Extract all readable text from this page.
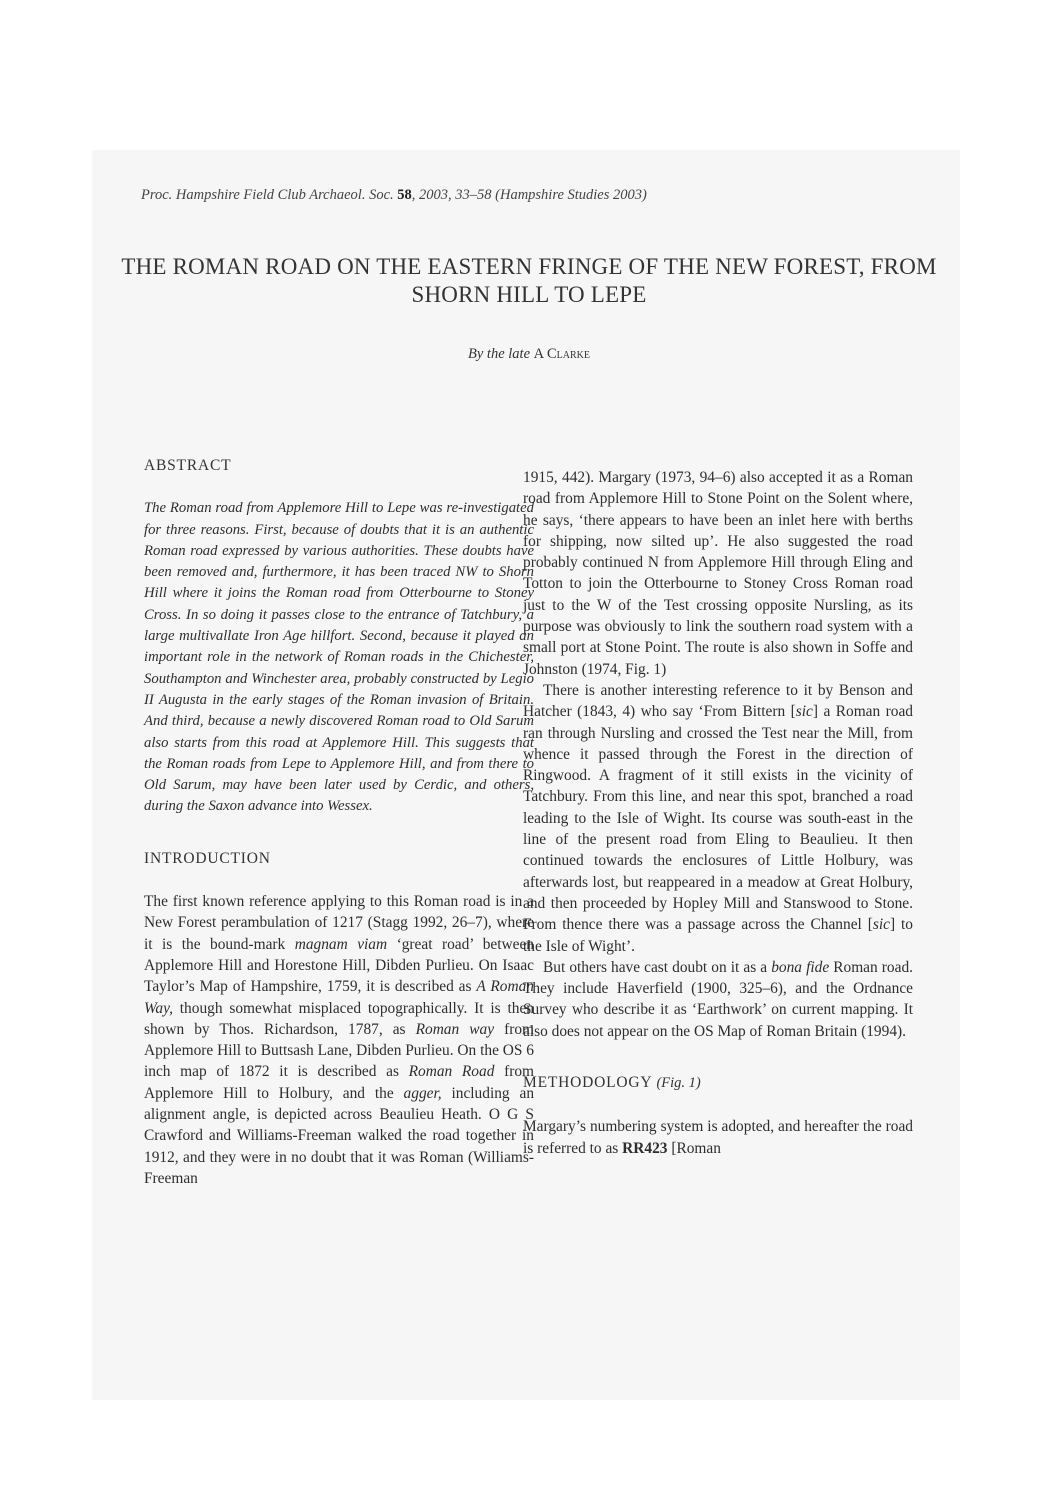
Proc. Hampshire Field Club Archaeol. Soc. 58, 2003, 33–58 (Hampshire Studies 2003)
THE ROMAN ROAD ON THE EASTERN FRINGE OF THE NEW FOREST, FROM SHORN HILL TO LEPE
By the late A Clarke
ABSTRACT

The Roman road from Applemore Hill to Lepe was re-investigated for three reasons. First, because of doubts that it is an authentic Roman road expressed by various authorities. These doubts have been removed and, furthermore, it has been traced NW to Shorn Hill where it joins the Roman road from Otterbourne to Stoney Cross. In so doing it passes close to the entrance of Tatchbury, a large multivallate Iron Age hillfort. Second, because it played an important role in the network of Roman roads in the Chichester, Southampton and Winchester area, probably constructed by Legio II Augusta in the early stages of the Roman invasion of Britain. And third, because a newly discovered Roman road to Old Sarum also starts from this road at Applemore Hill. This suggests that the Roman roads from Lepe to Applemore Hill, and from there to Old Sarum, may have been later used by Cerdic, and others, during the Saxon advance into Wessex.

INTRODUCTION

The first known reference applying to this Roman road is in a New Forest perambulation of 1217 (Stagg 1992, 26–7), where it is the bound-mark magnam viam ‘great road’ between Applemore Hill and Horestone Hill, Dibden Purlieu. On Isaac Taylor’s Map of Hampshire, 1759, it is described as A Roman Way, though somewhat misplaced topographically. It is then shown by Thos. Richardson, 1787, as Roman way from Applemore Hill to Buttsash Lane, Dibden Purlieu. On the OS 6 inch map of 1872 it is described as Roman Road from Applemore Hill to Holbury, and the agger, including an alignment angle, is depicted across Beaulieu Heath. O G S Crawford and Williams-Freeman walked the road together in 1912, and they were in no doubt that it was Roman (Williams-Freeman

1915, 442). Margary (1973, 94–6) also accepted it as a Roman road from Applemore Hill to Stone Point on the Solent where, he says, ‘there appears to have been an inlet here with berths for shipping, now silted up’. He also suggested the road probably continued N from Applemore Hill through Eling and Totton to join the Otterbourne to Stoney Cross Roman road just to the W of the Test crossing opposite Nursling, as its purpose was obviously to link the southern road system with a small port at Stone Point. The route is also shown in Soffe and Johnston (1974, Fig. 1)

There is another interesting reference to it by Benson and Hatcher (1843, 4) who say ‘From Bittern [sic] a Roman road ran through Nursling and crossed the Test near the Mill, from whence it passed through the Forest in the direction of Ringwood. A fragment of it still exists in the vicinity of Tatchbury. From this line, and near this spot, branched a road leading to the Isle of Wight. Its course was south-east in the line of the present road from Eling to Beaulieu. It then continued towards the enclosures of Little Holbury, was afterwards lost, but reappeared in a meadow at Great Holbury, and then proceeded by Hopley Mill and Stanswood to Stone. From thence there was a passage across the Channel [sic] to the Isle of Wight’.

But others have cast doubt on it as a bona fide Roman road. They include Haverfield (1900, 325–6), and the Ordnance Survey who describe it as ‘Earthwork’ on current mapping. It also does not appear on the OS Map of Roman Britain (1994).

METHODOLOGY (Fig. 1)

Margary’s numbering system is adopted, and hereafter the road is referred to as RR423 [Roman
